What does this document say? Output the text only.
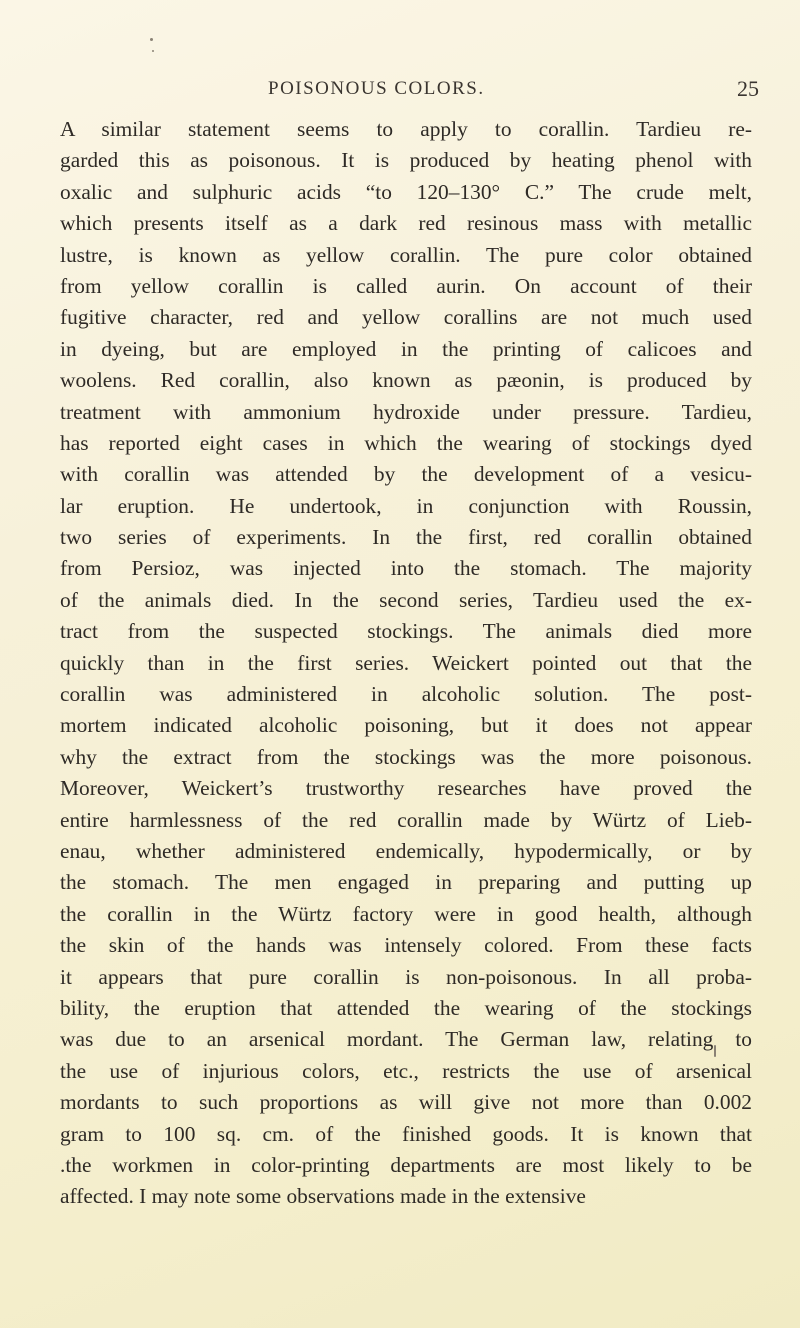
POISONOUS COLORS.	25
A similar statement seems to apply to corallin. Tardieu re-
garded this as poisonous. It is produced by heating phenol with
oxalic and sulphuric acids “to 120–130° C.” The crude melt,
which presents itself as a dark red resinous mass with metallic
lustre, is known as yellow corallin. The pure color obtained
from yellow corallin is called aurin. On account of their
fugitive character, red and yellow corallins are not much used
in dyeing, but are employed in the printing of calicoes and
woolens. Red corallin, also known as pæonin, is produced by
treatment with ammonium hydroxide under pressure. Tardieu,
has reported eight cases in which the wearing of stockings dyed
with corallin was attended by the development of a vesicu-
lar eruption. He undertook, in conjunction with Roussin,
two series of experiments. In the first, red corallin obtained
from Persioz, was injected into the stomach. The majority
of the animals died. In the second series, Tardieu used the ex-
tract from the suspected stockings. The animals died more
quickly than in the first series. Weickert pointed out that the
corallin was administered in alcoholic solution. The post-
mortem indicated alcoholic poisoning, but it does not appear
why the extract from the stockings was the more poisonous.
Moreover, Weickert’s trustworthy researches have proved the
entire harmlessness of the red corallin made by Würtz of Lieb-
enau, whether administered endemically, hypodermically, or by
the stomach. The men engaged in preparing and putting up
the corallin in the Würtz factory were in good health, although
the skin of the hands was intensely colored. From these facts
it appears that pure corallin is non-poisonous. In all proba-
bility, the eruption that attended the wearing of the stockings
was due to an arsenical mordant. The German law, relating to
the use of injurious colors, etc., restricts the use of arsenical
mordants to such proportions as will give not more than 0.002
gram to 100 sq. cm. of the finished goods. It is known that
.the workmen in color-printing departments are most likely to be
affected. I may note some observations made in the extensive
